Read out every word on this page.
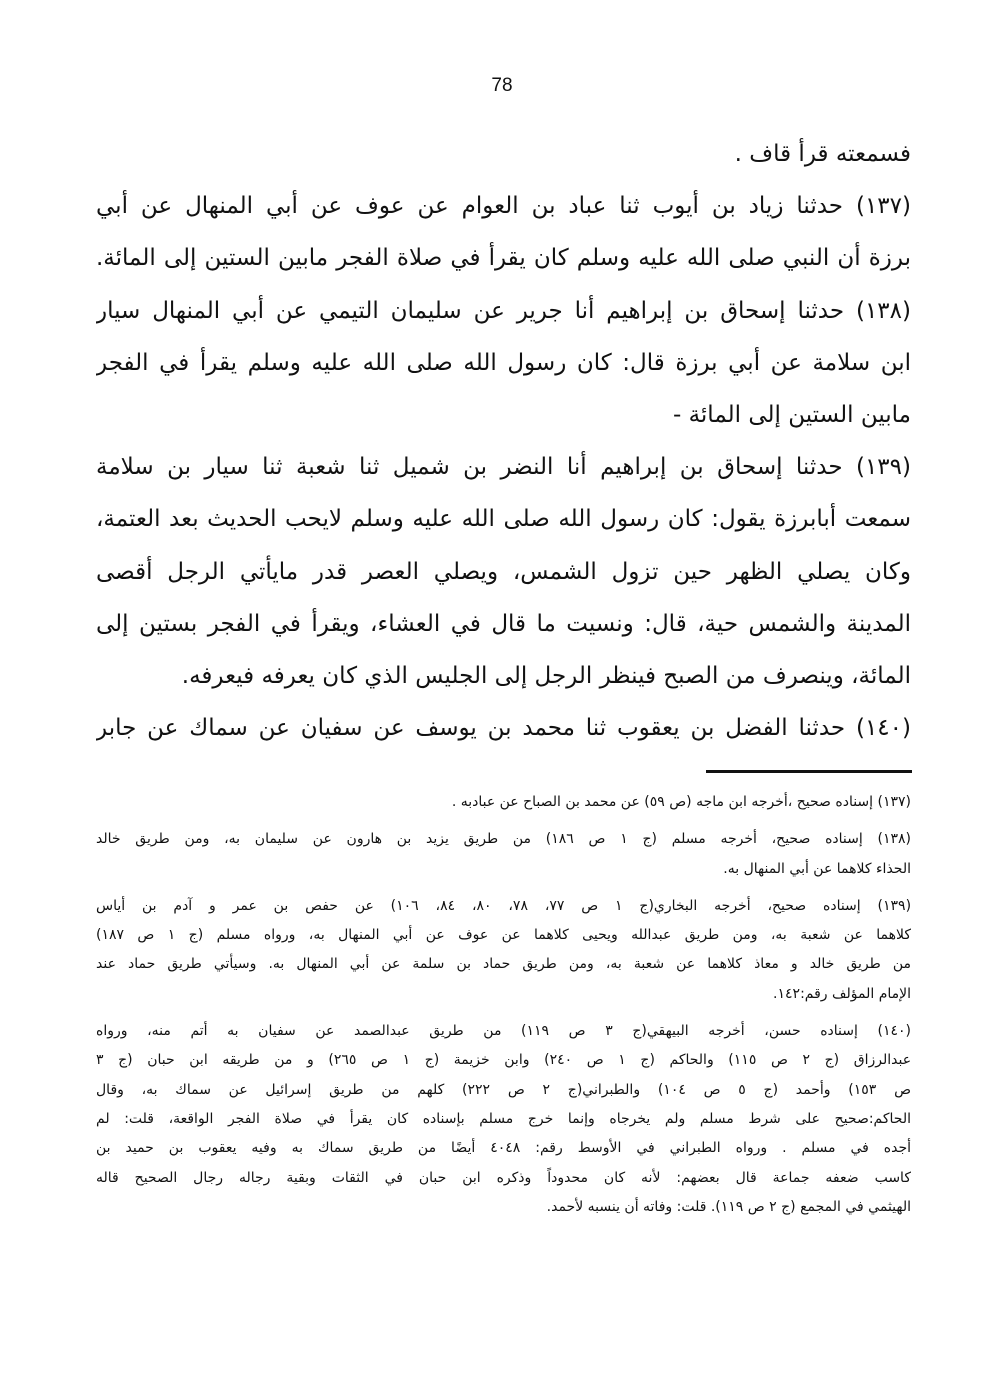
78
فسمعته قرأ قاف .
(١٣٧) حدثنا زياد بن أيوب ثنا عباد بن العوام عن عوف عن أبي المنهال عن أبي
برزة أن النبي صلى الله عليه وسلم كان يقرأ في صلاة الفجر مابين الستين إلى المائة.
(١٣٨) حدثنا إسحاق بن إبراهيم أنا جرير عن سليمان التيمي عن أبي المنهال سيار
ابن سلامة عن أبي برزة قال: كان رسول الله صلى الله عليه وسلم يقرأ في الفجر
مابين الستين إلى المائة -
(١٣٩) حدثنا إسحاق بن إبراهيم أنا النضر بن شميل ثنا شعبة ثنا سيار بن سلامة
سمعت أبابرزة يقول: كان رسول الله صلى الله عليه وسلم لايحب الحديث بعد العتمة،
وكان يصلي الظهر حين تزول الشمس، ويصلي العصر قدر مايأتي الرجل أقصى
المدينة والشمس حية، قال: ونسيت ما قال في العشاء، ويقرأ في الفجر بستين إلى
المائة، وينصرف من الصبح فينظر الرجل إلى الجليس الذي كان يعرفه فيعرفه.
(١٤٠) حدثنا الفضل بن يعقوب ثنا محمد بن يوسف عن سفيان عن سماك عن جابر
(١٣٧) إسناده صحيح ،أخرجه ابن ماجه (ص ٥٩) عن محمد بن الصباح عن عبادبه .
(١٣٨) إسناده صحيح، أخرجه مسلم (ج ١ ص ١٨٦) من طريق يزيد بن هارون عن سليمان به، ومن طريق خالد
الحذاء كلاهما عن أبي المنهال به.
(١٣٩) إسناده صحيح، أخرجه البخاري(ج ١ ص ٧٧، ٧٨، ٨٠، ٨٤، ١٠٦) عن حفص بن عمر و آدم بن أياس
كلاهما عن شعبة به، ومن طريق عبدالله ويحيى كلاهما عن عوف عن أبي المنهال به، ورواه مسلم (ج ١ ص ١٨٧)
من طريق خالد و معاذ كلاهما عن شعبة به، ومن طريق حماد بن سلمة عن أبي المنهال به. وسيأتي طريق حماد عند
الإمام المؤلف رقم:١٤٢.
(١٤٠) إسناده حسن، أخرجه البيهقي(ج ٣ ص ١١٩) من طريق عبدالصمد عن سفيان به أتم منه، ورواه
عبدالرزاق (ج ٢ ص ١١٥) والحاكم (ج ١ ص ٢٤٠) وابن خزيمة (ج ١ ص ٢٦٥) و من طريقه ابن حبان (ج ٣
ص ١٥٣) وأحمد (ج ٥ ص ١٠٤) والطبراني(ج ٢ ص ٢٢٢) كلهم من طريق إسرائيل عن سماك به، وقال
الحاكم:صحيح على شرط مسلم ولم يخرجاه وإنما خرج مسلم بإسناده كان يقرأ في صلاة الفجر الواقعة، قلت: لم
أجده في مسلم . ورواه الطبراني في الأوسط رقم: ٤٠٤٨ أيضًا من طريق سماك به وفيه يعقوب بن حميد بن
كاسب ضعفه جماعة قال بعضهم: لأنه كان محدوداً وذكره ابن حبان في الثقات وبقية رجاله رجال الصحيح قاله
الهيثمي في المجمع (ج ٢ ص ١١٩). قلت: وفاته أن ينسبه لأحمد.
